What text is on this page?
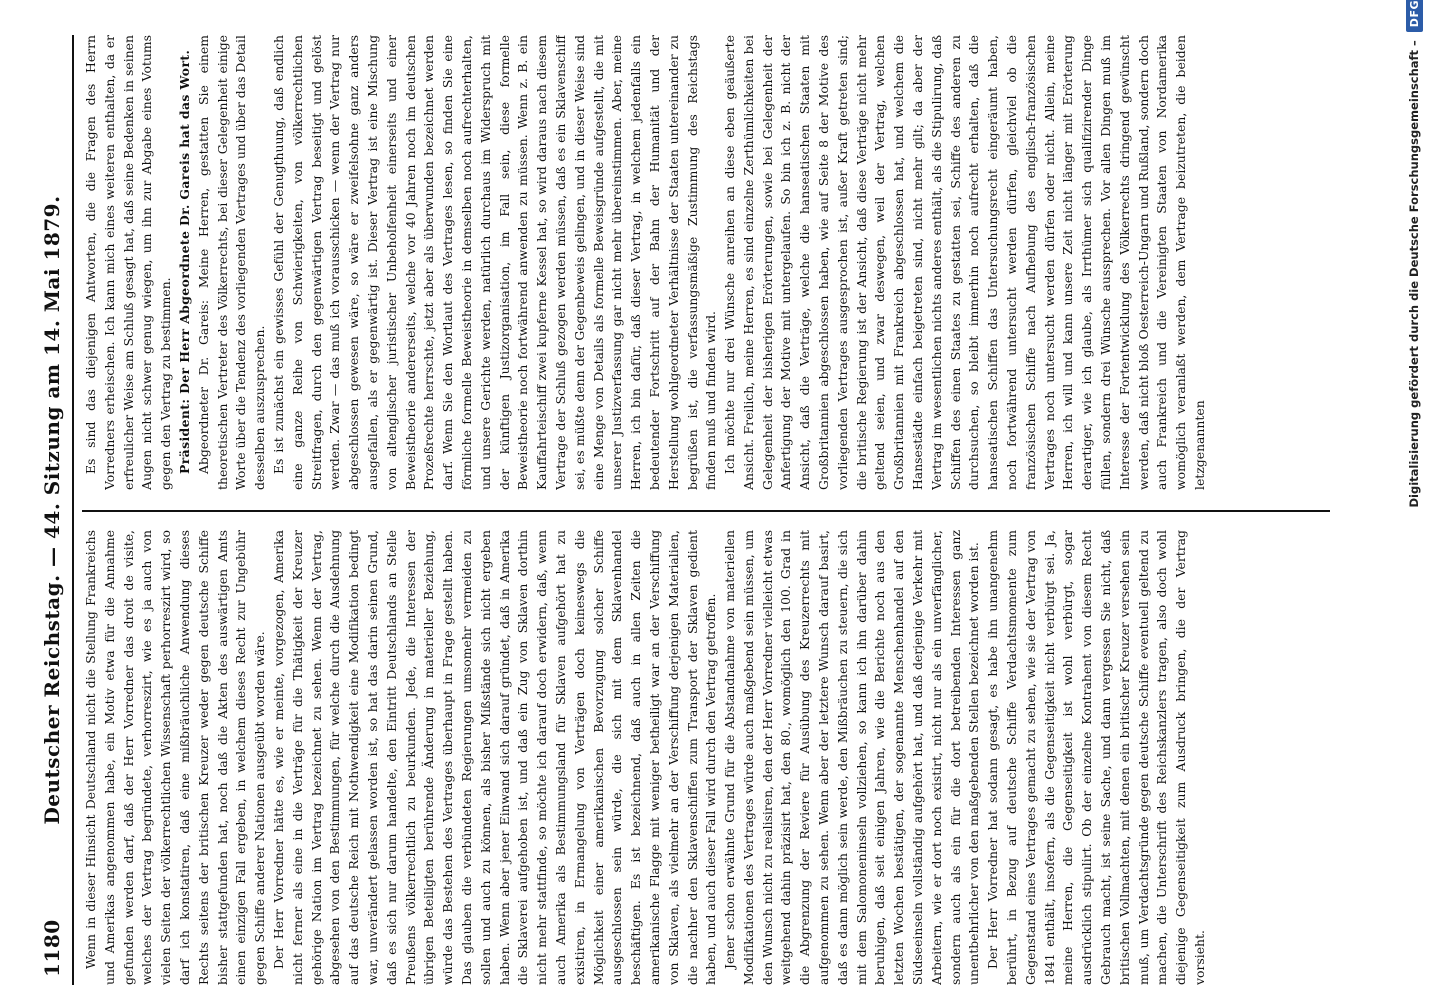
1180
Deutscher Reichstag. — 44. Sitzung am 14. Mai 1879. Wenn in dieser Hinsicht Deutschland nicht die Stellung Frankreichs und Amerikas angenommen habe, ein Motiv etwa für die Annahme gefunden werden darf, daß der Herr Vorredner das droit de visite, welches der Vertrag begründete, verhorreszirt, wie es ja auch von vielen Seiten der völkerrechtlichen Wissenschaft perhorreszirt wird, so darf ich konstatiren, daß eine mißbräuchliche Anwendung dieses Rechts seitens der britischen Kreuzer weder gegen deutsche Schiffe bisher stattgefunden hat, noch daß die Akten des auswärtigen Amts einen einzigen Fall ergeben, in welchem dieses Recht zur Ungebühr gegen Schiffe anderer Nationen ausgeübt worden wäre. Der Herr Vorredner hätte es, wie er meinte, vorgezogen, Amerika nicht ferner als eine in die Verträge für die Thätigkeit der Kreuzer gehörige Nation im Vertrag bezeichnet zu sehen. Wenn der Vertrag, abgesehen von den Bestimmungen, für welche durch die Ausdehnung auf das deutsche Reich mit Nothwendigkeit eine Modifikation bedingt war, unverändert gelassen worden ist, so hat das darin seinen Grund, daß es sich nur darum handelte, den Eintritt Deutschlands an Stelle Preußens völkerrechtlich zu beurkunden. Jede, die Interessen der übrigen Beteiligten berührende Änderung in materieller Beziehung, würde das Bestehen des Vertrages überhaupt in Frage gestellt haben. Das glauben die verbündeten Regierungen umsomehr vermeiden zu sollen und auch zu können, als bisher Mißstände sich nicht ergeben haben. Wenn aber jener Einwand sich darauf gründet, daß in Amerika die Sklaverei aufgehoben ist, und daß ein Zug von Sklaven dorthin nicht mehr stattfinde, so möchte ich darauf doch erwidern, daß, wenn auch Amerika als Bestimmungsland für Sklaven aufgehört hat zu existiren, in Ermangelung von Verträgen doch keineswegs die Möglichkeit einer amerikanischen Bevorzugung solcher Schiffe ausgeschlossen sein würde, die sich mit dem Sklavenhandel beschäftigen. Es ist bezeichnend, daß auch in allen Zeiten die amerikanische Flagge mit weniger betheiligt war an der Verschiffung von Sklaven, als vielmehr an der Verschiffung derjenigen Materialien, die nachher den Sklavenschiffen zum Transport der Sklaven gedient haben, und auch dieser Fall wird durch den Vertrag getroffen. Jener schon erwähnte Grund für die Abstandnahme von materiellen Modifikationen des Vertrages würde auch maßgebend sein müssen, um den Wunsch nicht zu realisiren, den der Herr Vorredner vielleicht etwas weitgehend dahin präzisirt hat, den 80., womöglich den 100. Grad in die Abgrenzung der Reviere für Ausübung des Kreuzerrechts mit aufgenommen zu sehen. Wenn aber der letztere Wunsch darauf basirt, daß es dann möglich sein werde, den Mißbräuchen zu steuern, die sich mit dem Salomoneninseln vollziehen, so kann ich ihn darüber dahin beruhigen, daß seit einigen Jahren, wie die Berichte noch aus den letzten Wochen bestätigen, der sogenannte Menschenhandel auf den Südseeinseln vollständig aufgehört hat, und daß derjenige Verkehr mit Arbeitern, wie er dort noch existirt, nicht nur als ein unverfänglicher, sondern auch als ein für die dort betreibenden Interessen ganz unentbehrlicher von den maßgebenden Stellen bezeichnet worden ist. Der Herr Vorredner hat sodann gesagt, es habe ihn unangenehm berührt, in Bezug auf deutsche Schiffe Verdachtsmomente zum Gegenstand eines Vertrages gemacht zu sehen, wie sie der Vertrag von 1841 enthält, insofern, als die Gegenseitigkeit nicht verbürgt sei. Ja, meine Herren, die Gegenseitigkeit ist wohl verbürgt, sogar ausdrücklich stipulirt. Ob der einzelne Kontrahent von diesem Recht Gebrauch macht, ist seine Sache, und dann vergessen Sie nicht, daß britischen Vollmachten, mit denen ein britischer Kreuzer versehen sein muß, um Verdachtsgründe gegen deutsche Schiffe eventuell geltend zu machen, die Unterschrift des Reichskanzlers tragen, also doch wohl diejenige Gegenseitigkeit zum Ausdruck bringen, die der Vertrag vorsieht.

Es sind das diejenigen Antworten, die die Fragen des Herrn Vorredners erheischen. Ich kann mich eines weiteren enthalten, da er erfreulicher Weise am Schluß gesagt hat, daß seine Bedenken in seinen Augen nicht schwer genug wiegen, um ihn zur Abgabe eines Votums gegen den Vertrag zu bestimmen. Präsident: Der Herr Abgeordnete Dr. Gareis hat das Wort. Abgeordneter Dr. Gareis: Meine Herren, gestatten Sie einem theoretischen Vertreter des Völkerrechts, bei dieser Gelegenheit einige Worte über die Tendenz des vorliegenden Vertrages und über das Detail desselben auszusprechen. Es ist zunächst ein gewisses Gefühl der Genugthuung, daß endlich eine ganze Reihe von Schwierigkeiten, von völkerrechtlichen Streitfragen, durch den gegenwärtigen Vertrag beseitigt und gelöst werden. Zwar — das muß ich vorausschicken — wenn der Vertrag nur abgeschlossen gewesen wäre, so wäre er zweifelsohne ganz anders ausgefallen, als er gegenwärtig ist. Dieser Vertrag ist eine Mischung von altenglischer juristischer Unbeholfenheit einerseits und einer Beweistheorie andererseits, welche vor 40 Jahren noch im deutschen Prozeßrechte herrschte, jetzt aber als überwunden bezeichnet werden darf. Wenn Sie den Wortlaut des Vertrages lesen, so finden Sie eine förmliche formelle Beweistheorie in demselben noch aufrechterhalten, und unsere Gerichte werden, natürlich durchaus im Widerspruch mit der künftigen Justizorganisation, im Fall sein, diese formelle Beweistheorie noch fortwährend anwenden zu müssen. Wenn z. B. ein Kauffahrteischiff zwei kupferne Kessel hat, so wird daraus nach diesem Vertrage der Schluß gezogen werden müssen, daß es ein Sklavenschiff sei, es müßte denn der Gegenbeweis gelingen, und in dieser Weise sind eine Menge von Details als formelle Beweisgründe aufgestellt, die mit unserer Justizverfassung gar nicht mehr übereinstimmen. Aber, meine Herren, ich bin dafür, daß dieser Vertrag, in welchem jedenfalls ein bedeutender Fortschritt auf der Bahn der Humanität und der Herstellung wohlgeordneter Verhältnisse der Staaten untereinander zu begrüßen ist, die verfassungsmäßige Zustimmung des Reichstags finden muß und finden wird. Ich möchte nur drei Wünsche anreihen an diese eben geäußerte Ansicht. Freilich, meine Herren, es sind einzelne Zerthümlichkeiten bei Gelegenheit der bisherigen Erörterungen, sowie bei Gelegenheit der Anfertigung der Motive mit untergelaufen. So bin ich z. B. nicht der Ansicht, daß die Verträge, welche die hanseatischen Staaten mit Großbritannien abgeschlossen haben, wie auf Seite 8 der Motive des vorliegenden Vertrages ausgesprochen ist, außer Kraft getreten sind; die britische Regierung ist der Ansicht, daß diese Verträge nicht mehr geltend seien, und zwar deswegen, weil der Vertrag, welchen Großbritannien mit Frankreich abgeschlossen hat, und welchem die Hansestädte einfach beigetreten sind, nicht mehr gilt; da aber der Vertrag im wesentlichen nichts anderes enthält, als die Stipulirung, daß Schiffen des einen Staates zu gestatten sei, Schiffe des anderen zu durchsuchen, so bleibt immerhin noch aufrecht erhalten, daß die hanseatischen Schiffen das Untersuchungsrecht eingeräumt haben, noch fortwährend untersucht werden dürfen, gleichviel ob die französischen Schiffe nach Aufhebung des englisch-französischen Vertrages noch untersucht werden dürfen oder nicht. Allein, meine Herren, ich will und kann unsere Zeit nicht länger mit Erörterung derartiger, wie ich glaube, als Irrthümer sich qualifizirender Dinge füllen, sondern drei Wünsche aussprechen. Vor allen Dingen muß im Interesse der Fortentwicklung des Völkerrechts dringend gewünscht werden, daß nicht bloß Oesterreich-Ungarn und Rußland, sondern doch auch Frankreich und die Vereinigten Staaten von Nordamerika womöglich veranlaßt werden, dem Vertrage beizutreten, die beiden letzgenannten	Digitalisierung gefördert durch die Deutsche Forschungsgemeinschaft –
DFG
